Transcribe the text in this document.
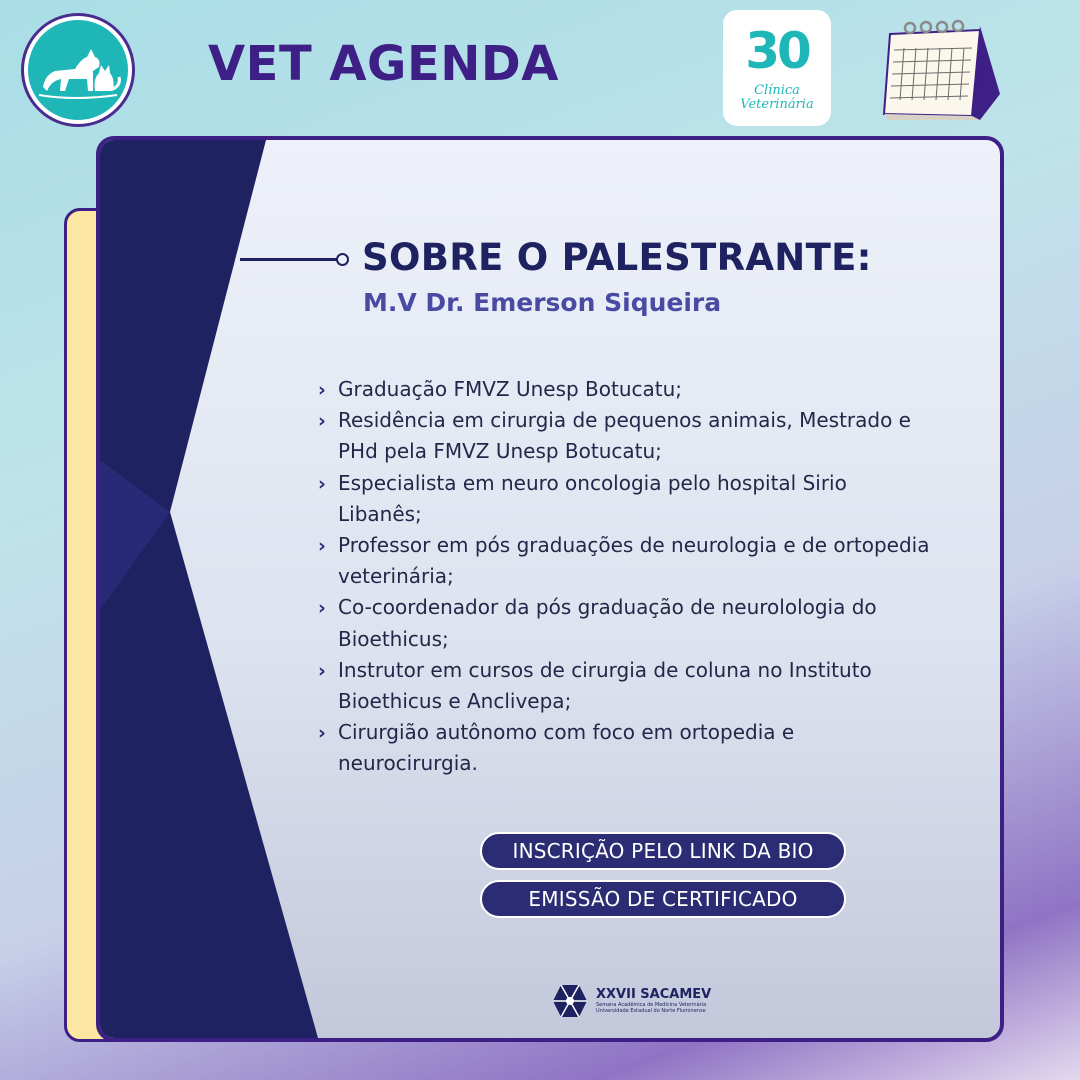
VET AGENDA	30
Clínica
Veterinária
SOBRE O PALESTRANTE:
M.V Dr. Emerson Siqueira
› Graduação FMVZ Unesp Botucatu;
› Residência em cirurgia de pequenos animais, Mestrado e PHd pela FMVZ Unesp Botucatu;
› Especialista em neuro oncologia pelo hospital Sirio Libanês;
› Professor em pós graduações de neurologia e de ortopedia veterinária;
› Co-coordenador da pós graduação de neurolologia do Bioethicus;
› Instrutor em cursos de cirurgia de coluna no Instituto Bioethicus e Anclivepa;
› Cirurgião autônomo com foco em ortopedia e neurocirurgia.
INSCRIÇÃO PELO LINK DA BIO
EMISSÃO DE CERTIFICADO
XXVII SACAMEV
Semana Acadêmica de Medicina Veterinária
Universidade Estadual do Norte Fluminense
